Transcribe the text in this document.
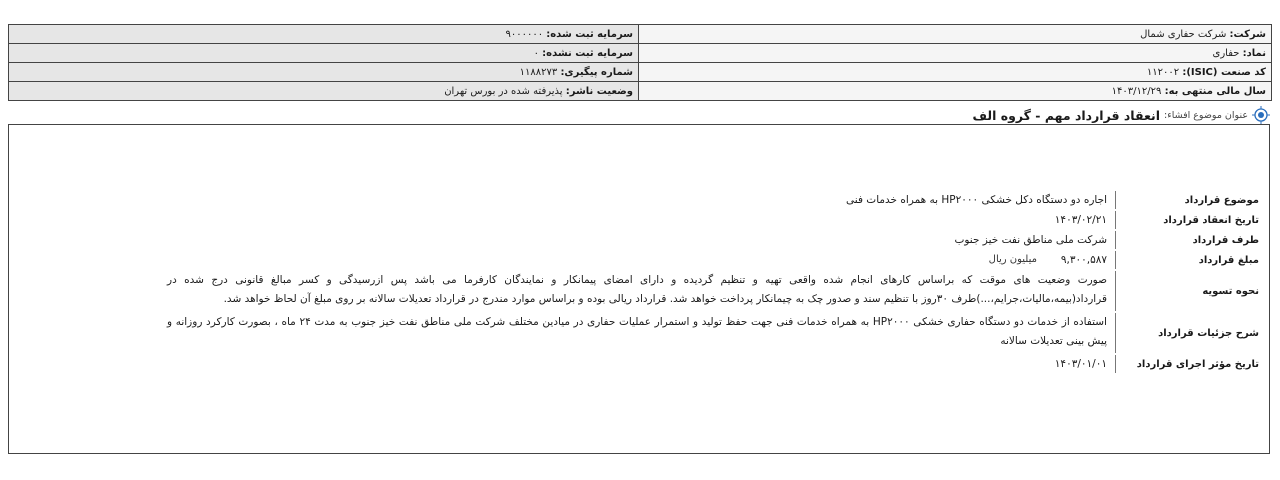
شرکت: شرکت حفاری شمال	سرمایه ثبت شده: ۹۰۰۰۰۰۰
نماد: حفاری	سرمایه ثبت نشده: ۰
کد صنعت (ISIC): ۱۱۲۰۰۲	شماره پیگیری: ۱۱۸۸۲۷۳
سال مالی منتهی به: ۱۴۰۳/۱۲/۲۹	وضعیت ناشر: پذیرفته شده در بورس تهران
عنوان موضوع افشاء:
انعقاد قرارداد مهم - گروه الف
موضوع قرارداد
اجاره دو دستگاه دکل خشکی HP۲۰۰۰ به همراه خدمات فنی
تاریخ انعقاد قرارداد
۱۴۰۳/۰۲/۲۱
طرف قرارداد
شرکت ملی مناطق نفت خیز جنوب
مبلغ قرارداد
۹,۳۰۰,۵۸۷
میلیون ریال
نحوه تسویه
صورت وضعیت های موقت که براساس کارهای انجام شده واقعی تهیه و تنظیم گردیده و دارای امضای پیمانکار و نمایندگان کارفرما می باشد پس ازرسیدگی و کسر مبالغ قانونی درج شده در قرارداد(بیمه،مالیات،جرایم،...)طرف ۳۰روز با تنظیم سند و صدور چک به چیمانکار پرداخت خواهد شد. قرارداد ریالی بوده و براساس موارد مندرج در قرارداد تعدیلات سالانه بر روی مبلغ آن لحاظ خواهد شد.
شرح جزئیات قرارداد
استفاده از خدمات دو دستگاه حفاری خشکی HP۲۰۰۰ به همراه خدمات فنی جهت حفظ تولید و استمرار عملیات حفاری در میادین مختلف شرکت ملی مناطق نفت خیز جنوب به مدت ۲۴ ماه ، بصورت کارکرد روزانه و پیش بینی تعدیلات سالانه
تاریخ مؤثر اجرای قرارداد
۱۴۰۳/۰۱/۰۱
